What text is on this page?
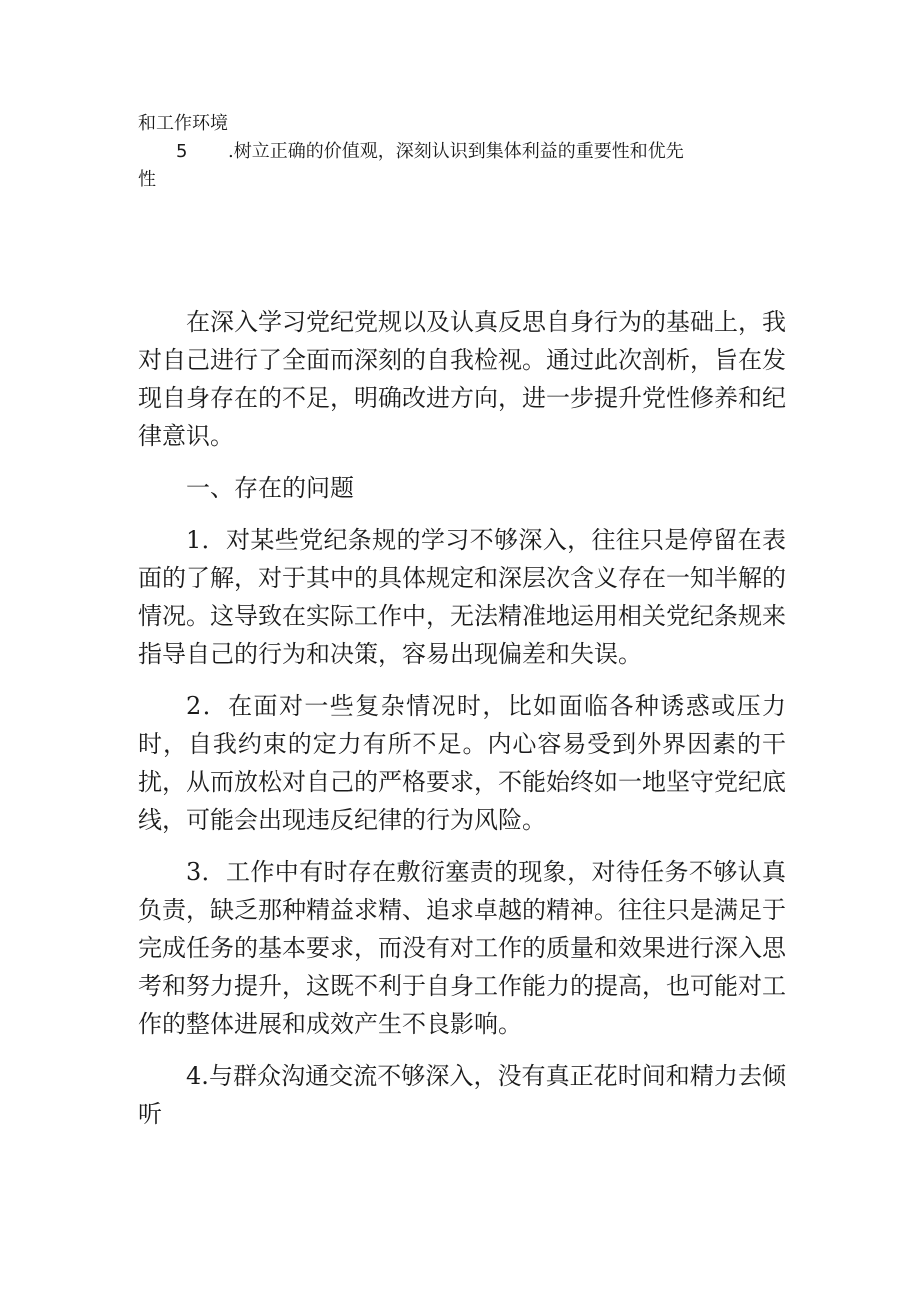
和工作环境

5 .树立正确的价值观，深刻认识到集体利益的重要性和优先

性

在深入学习党纪党规以及认真反思自身行为的基础上，我对自己进行了全面而深刻的自我检视。通过此次剖析，旨在发现自身存在的不足，明确改进方向，进一步提升党性修养和纪律意识。

一、存在的问题

1．对某些党纪条规的学习不够深入，往往只是停留在表面的了解，对于其中的具体规定和深层次含义存在一知半解的情况。这导致在实际工作中，无法精准地运用相关党纪条规来指导自己的行为和决策，容易出现偏差和失误。

2．在面对一些复杂情况时，比如面临各种诱惑或压力时，自我约束的定力有所不足。内心容易受到外界因素的干扰，从而放松对自己的严格要求，不能始终如一地坚守党纪底线，可能会出现违反纪律的行为风险。

3．工作中有时存在敷衍塞责的现象，对待任务不够认真负责，缺乏那种精益求精、追求卓越的精神。往往只是满足于完成任务的基本要求，而没有对工作的质量和效果进行深入思考和努力提升，这既不利于自身工作能力的提高，也可能对工作的整体进展和成效产生不良影响。

4.与群众沟通交流不够深入，没有真正花时间和精力去倾听
